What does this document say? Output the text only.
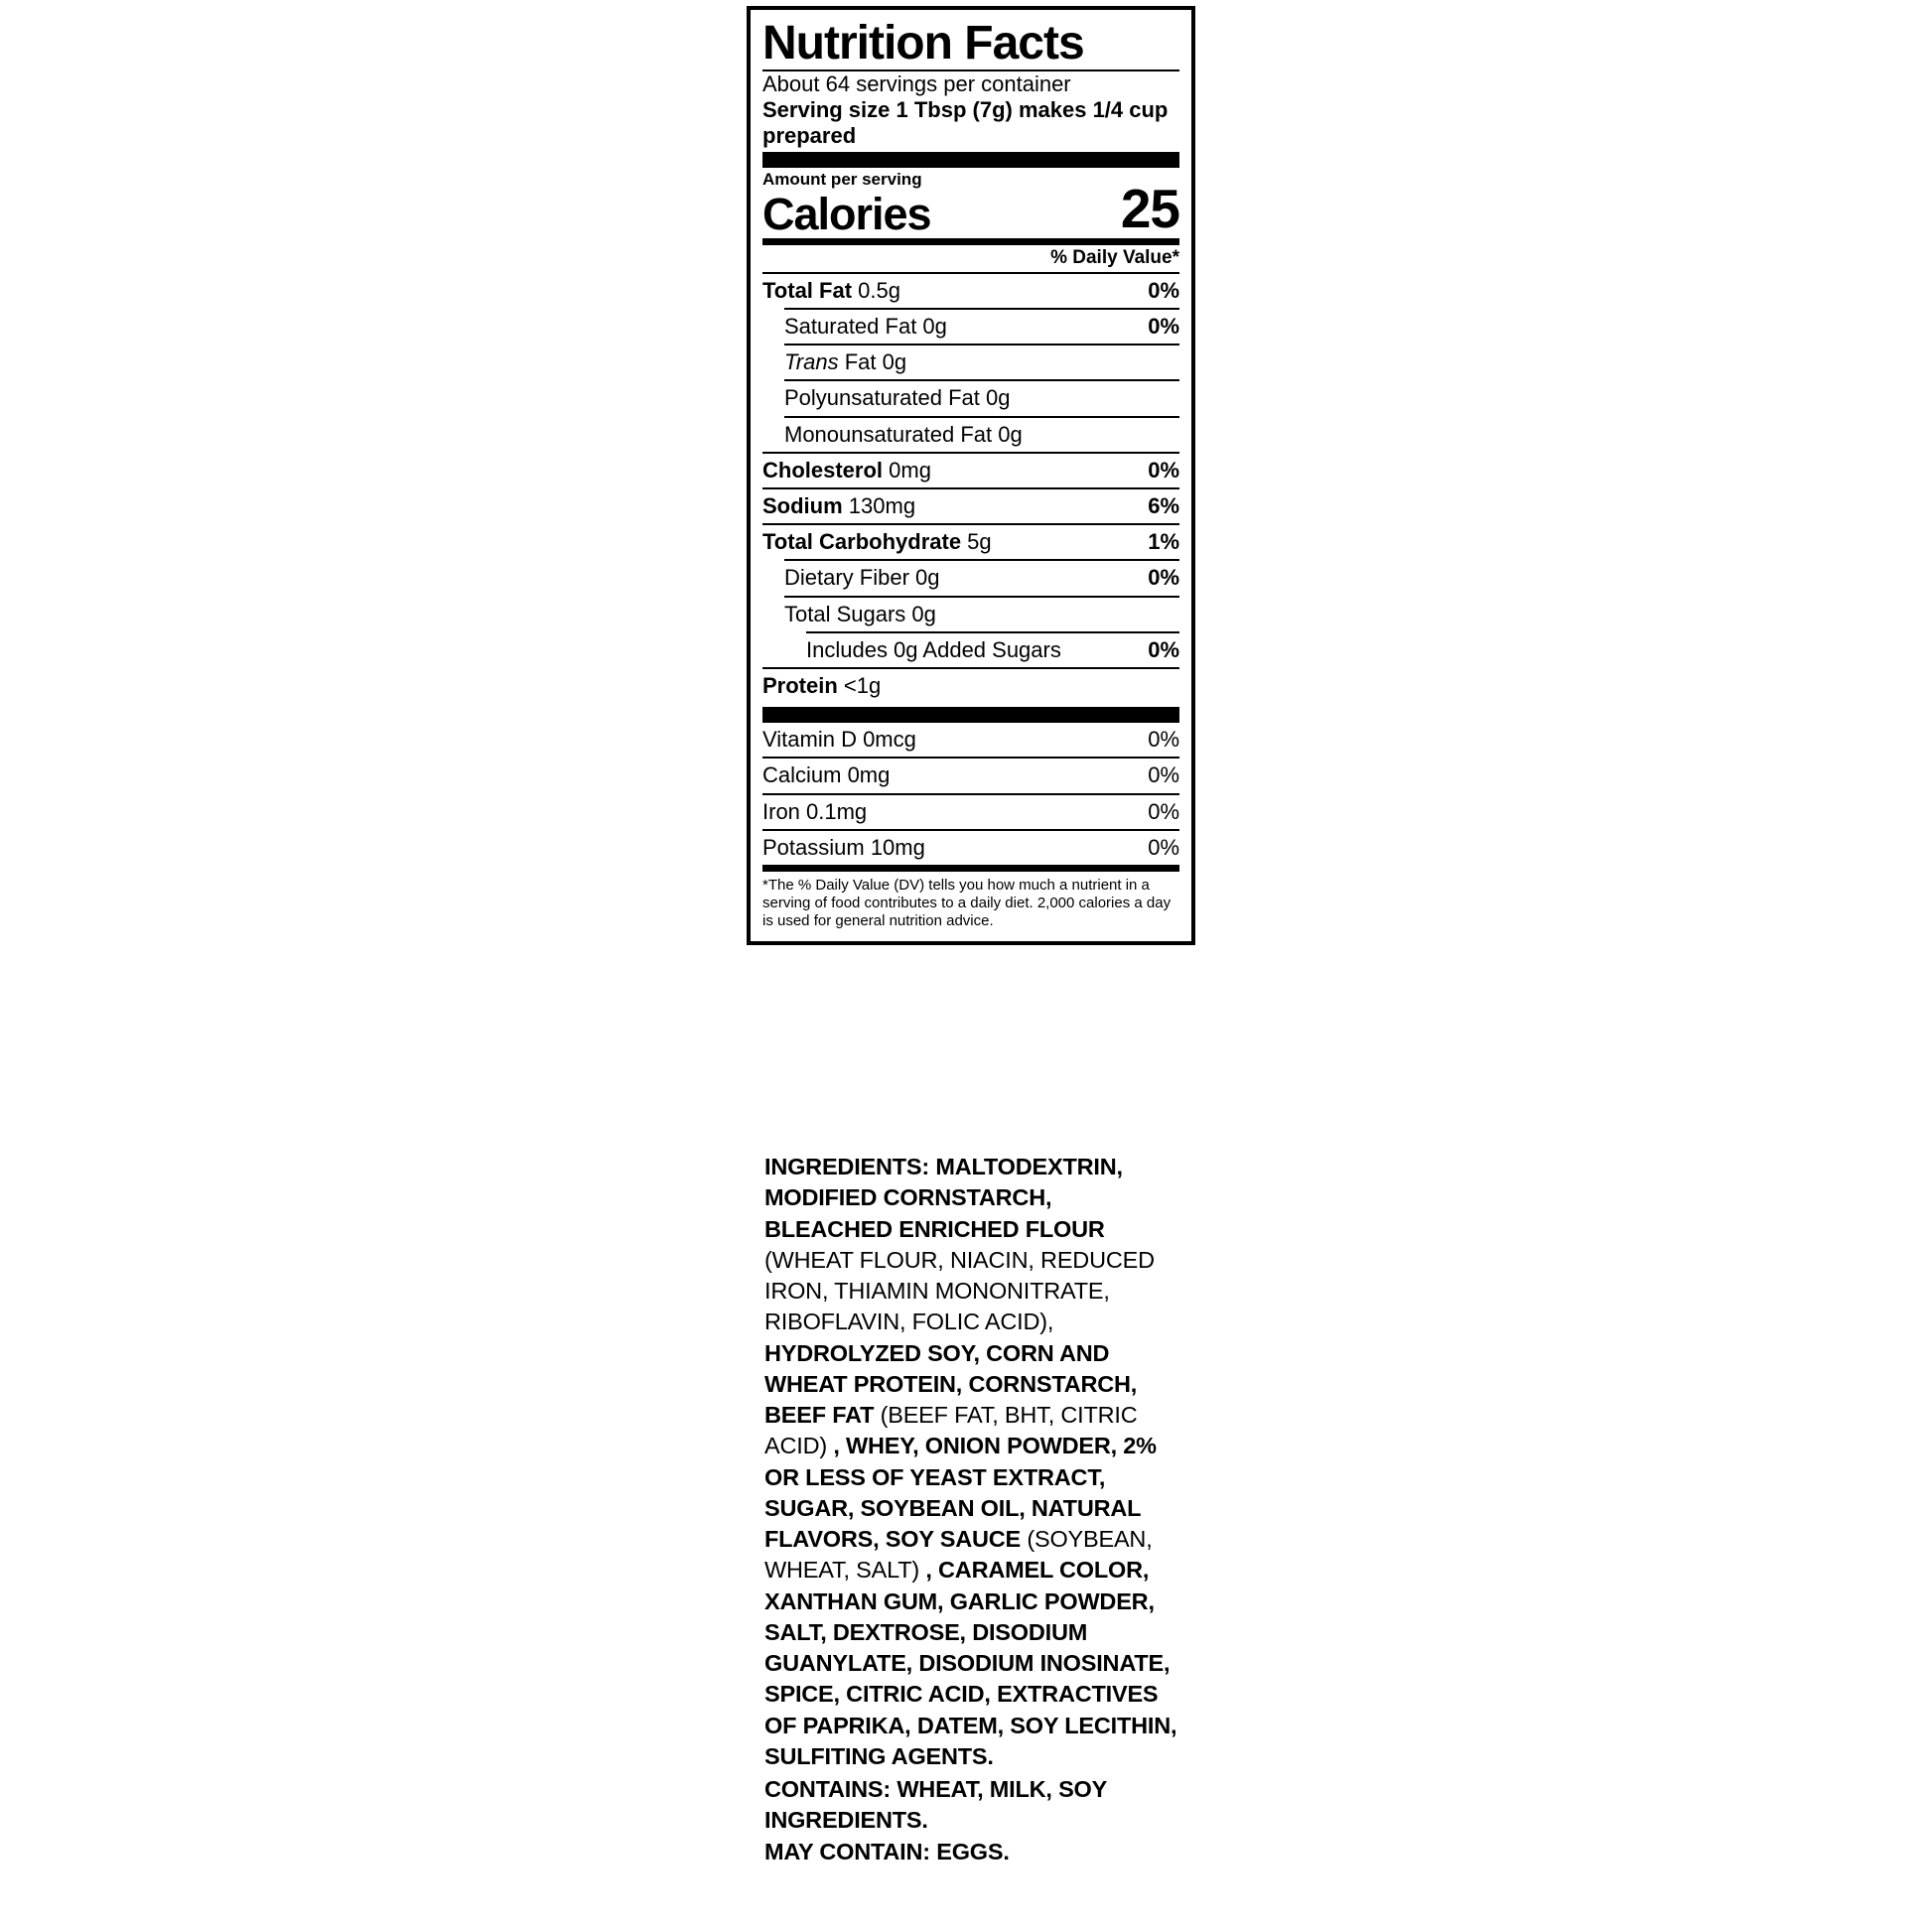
Nutrition Facts
About 64 servings per container
Serving size 1 Tbsp (7g) makes 1/4 cup prepared
Amount per serving
Calories	25
% Daily Value*
Total Fat 0.5g	0%
Saturated Fat 0g	0%
Trans Fat 0g
Polyunsaturated Fat 0g
Monounsaturated Fat 0g
Cholesterol 0mg	0%
Sodium 130mg	6%
Total Carbohydrate 5g	1%
Dietary Fiber 0g	0%
Total Sugars 0g
Includes 0g Added Sugars	0%
Protein <1g
Vitamin D 0mcg	0%
Calcium 0mg	0%
Iron 0.1mg	0%
Potassium 10mg	0%
*The % Daily Value (DV) tells you how much a nutrient in a serving of food contributes to a daily diet. 2,000 calories a day is used for general nutrition advice.
INGREDIENTS: MALTODEXTRIN, MODIFIED CORNSTARCH, BLEACHED ENRICHED FLOUR (WHEAT FLOUR, NIACIN, REDUCED IRON, THIAMIN MONONITRATE, RIBOFLAVIN, FOLIC ACID), HYDROLYZED SOY, CORN AND WHEAT PROTEIN, CORNSTARCH, BEEF FAT (BEEF FAT, BHT, CITRIC ACID) , WHEY, ONION POWDER, 2% OR LESS OF YEAST EXTRACT, SUGAR, SOYBEAN OIL, NATURAL FLAVORS, SOY SAUCE (SOYBEAN, WHEAT, SALT) , CARAMEL COLOR, XANTHAN GUM, GARLIC POWDER, SALT, DEXTROSE, DISODIUM GUANYLATE, DISODIUM INOSINATE, SPICE, CITRIC ACID, EXTRACTIVES OF PAPRIKA, DATEM, SOY LECITHIN, SULFITING AGENTS.
CONTAINS: WHEAT, MILK, SOY INGREDIENTS.
MAY CONTAIN: EGGS.
